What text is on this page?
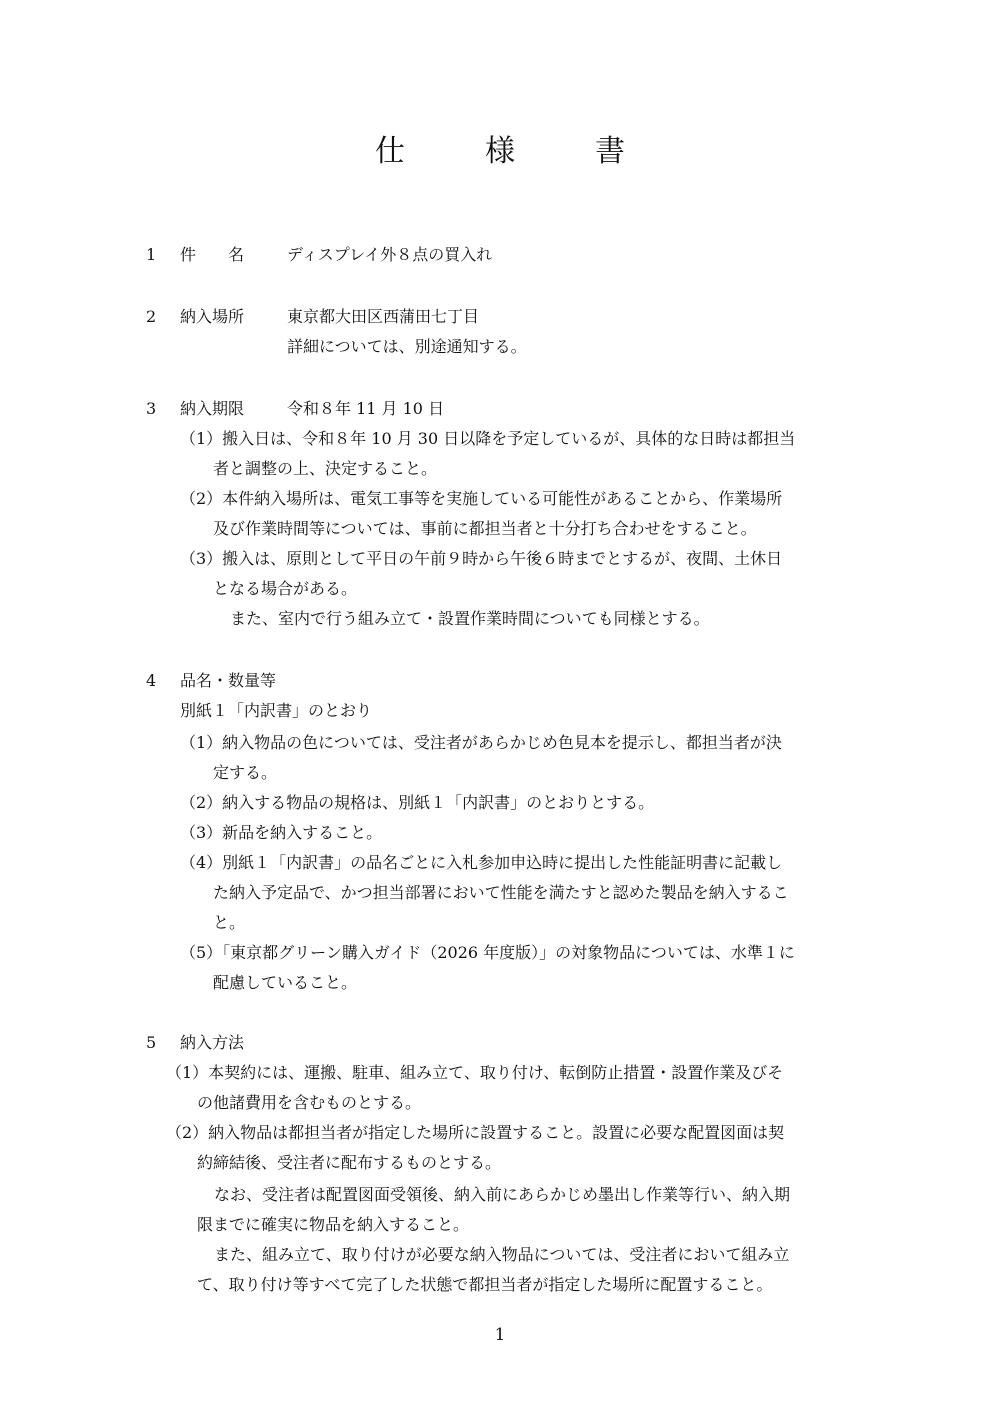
仕	様	書
1 件　　名	ディスプレイ外８点の買入れ
2 納入場所	東京都大田区西蒲田七丁目
詳細については、別途通知する。
3 納入期限	令和８年 11 月 10 日
（1）搬入日は、令和８年 10 月 30 日以降を予定しているが、具体的な日時は都担当
者と調整の上、決定すること。
（2）本件納入場所は、電気工事等を実施している可能性があることから、作業場所
及び作業時間等については、事前に都担当者と十分打ち合わせをすること。
（3）搬入は、原則として平日の午前９時から午後６時までとするが、夜間、土休日
となる場合がある。
また、室内で行う組み立て・設置作業時間についても同様とする。
4 品名・数量等
別紙１「内訳書」のとおり
（1）納入物品の色については、受注者があらかじめ色見本を提示し、都担当者が決
定する。
（2）納入する物品の規格は、別紙１「内訳書」のとおりとする。
（3）新品を納入すること。
（4）別紙１「内訳書」の品名ごとに入札参加申込時に提出した性能証明書に記載し
た納入予定品で、かつ担当部署において性能を満たすと認めた製品を納入するこ
と。
（5）「東京都グリーン購入ガイド（2026 年度版）」の対象物品については、水準１に
配慮していること。
5 納入方法
（1）本契約には、運搬、駐車、組み立て、取り付け、転倒防止措置・設置作業及びそ
の他諸費用を含むものとする。
（2）納入物品は都担当者が指定した場所に設置すること。設置に必要な配置図面は契
約締結後、受注者に配布するものとする。
なお、受注者は配置図面受領後、納入前にあらかじめ墨出し作業等行い、納入期
限までに確実に物品を納入すること。
また、組み立て、取り付けが必要な納入物品については、受注者において組み立
て、取り付け等すべて完了した状態で都担当者が指定した場所に配置すること。
1
